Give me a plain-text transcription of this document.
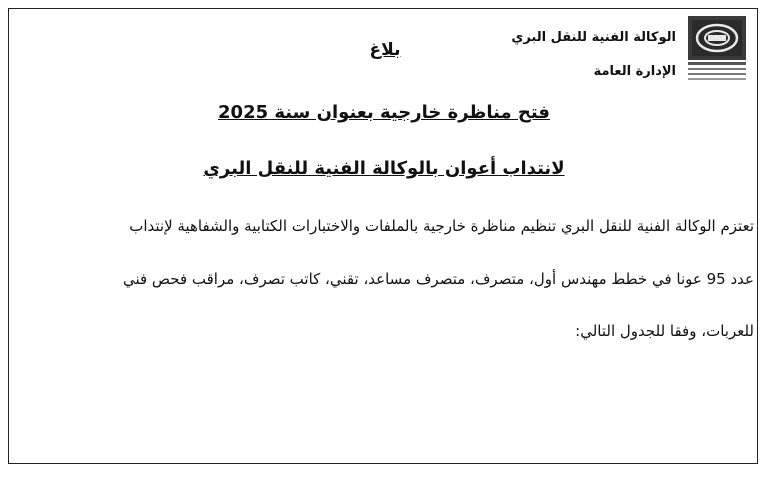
الوكالة الفنية للنقل البري
الإدارة العامة
بلاغ
فتح مناظرة خارجية بعنوان سنة 2025
لانتداب أعوان بالوكالة الفنية للنقل البري
تعتزم الوكالة الفنية للنقل البري تنظيم مناظرة خارجية بالملفات والاختبارات الكتابية والشفاهية لإنتداب
عدد 95 عونا في خطط مهندس أول، متصرف، متصرف مساعد، تقني، كاتب تصرف، مراقب فحص فني
للعربات، وفقا للجدول التالي:
